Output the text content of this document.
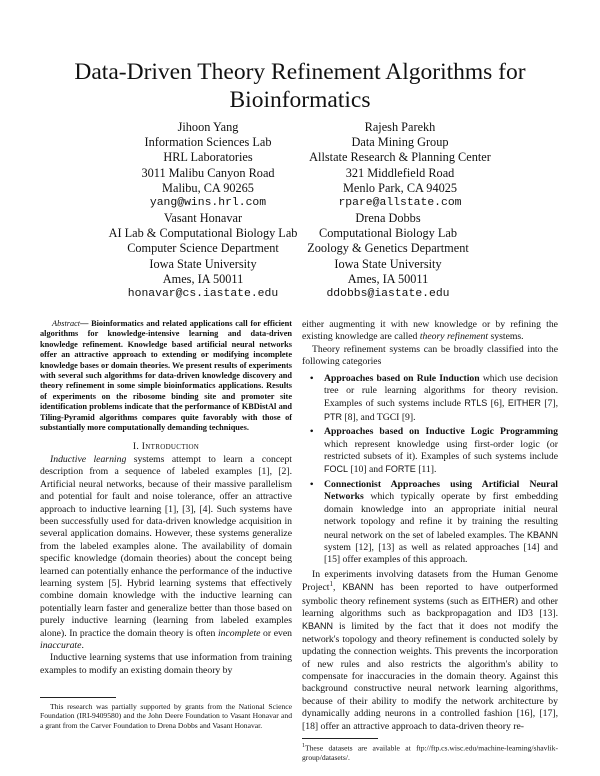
Data-Driven Theory Refinement Algorithms for Bioinformatics
Jihoon Yang
Information Sciences Lab
HRL Laboratories
3011 Malibu Canyon Road
Malibu, CA 90265
yang@wins.hrl.com
Rajesh Parekh
Data Mining Group
Allstate Research & Planning Center
321 Middlefield Road
Menlo Park, CA 94025
rpare@allstate.com
Vasant Honavar
AI Lab & Computational Biology Lab
Computer Science Department
Iowa State University
Ames, IA 50011
honavar@cs.iastate.edu
Drena Dobbs
Computational Biology Lab
Zoology & Genetics Department
Iowa State University
Ames, IA 50011
ddobbs@iastate.edu

Abstract— Bioinformatics and related applications call for efficient algorithms for knowledge-intensive learning and data-driven knowledge refinement. Knowledge based artificial neural networks offer an attractive approach to extending or modifying incomplete knowledge bases or domain theories. We present results of experiments with several such algorithms for data-driven knowledge discovery and theory refinement in some simple bioinformatics applications. Results of experiments on the ribosome binding site and promoter site identification problems indicate that the performance of KBDistAl and Tiling-Pyramid algorithms compares quite favorably with those of substantially more computationally demanding techniques.

I. Introduction

Inductive learning systems attempt to learn a concept description from a sequence of labeled examples [1], [2]. Artificial neural networks, because of their massive parallelism and potential for fault and noise tolerance, offer an attractive approach to inductive learning [1], [3], [4]. Such systems have been successfully used for data-driven knowledge acquisition in several application domains. However, these systems generalize from the labeled examples alone. The availability of domain specific knowledge (domain theories) about the concept being learned can potentially enhance the performance of the inductive learning system [5]. Hybrid learning systems that effectively combine domain knowledge with the inductive learning can potentially learn faster and generalize better than those based on purely inductive learning (learning from labeled examples alone). In practice the domain theory is often incomplete or even inaccurate.

Inductive learning systems that use information from training examples to modify an existing domain theory by

This research was partially supported by grants from the National Science Foundation (IRI-9409580) and the John Deere Foundation to Vasant Honavar and a grant from the Carver Foundation to Drena Dobbs and Vasant Honavar.

either augmenting it with new knowledge or by refining the existing knowledge are called theory refinement systems.

Theory refinement systems can be broadly classified into the following categories

• Approaches based on Rule Induction which use decision tree or rule learning algorithms for theory revision. Examples of such systems include RTLS [6], EITHER [7], PTR [8], and TGCI [9].
• Approaches based on Inductive Logic Programming which represent knowledge using first-order logic (or restricted subsets of it). Examples of such systems include FOCL [10] and FORTE [11].
• Connectionist Approaches using Artificial Neural Networks which typically operate by first embedding domain knowledge into an appropriate initial neural network topology and refine it by training the resulting neural network on the set of labeled examples. The KBANN system [12], [13] as well as related approaches [14] and [15] offer examples of this approach.

In experiments involving datasets from the Human Genome Project$^1$, KBANN has been reported to have outperformed symbolic theory refinement systems (such as EITHER) and other learning algorithms such as backpropagation and ID3 [13]. KBANN is limited by the fact that it does not modify the network's topology and theory refinement is conducted solely by updating the connection weights. This prevents the incorporation of new rules and also restricts the algorithm's ability to compensate for inaccuracies in the domain theory. Against this background constructive neural network learning algorithms, because of their ability to modify the network architecture by dynamically adding neurons in a controlled fashion [16], [17], [18] offer an attractive approach to data-driven theory re-

$^1$These datasets are available at ftp://ftp.cs.wisc.edu/machine-learning/shavlik-group/datasets/.
